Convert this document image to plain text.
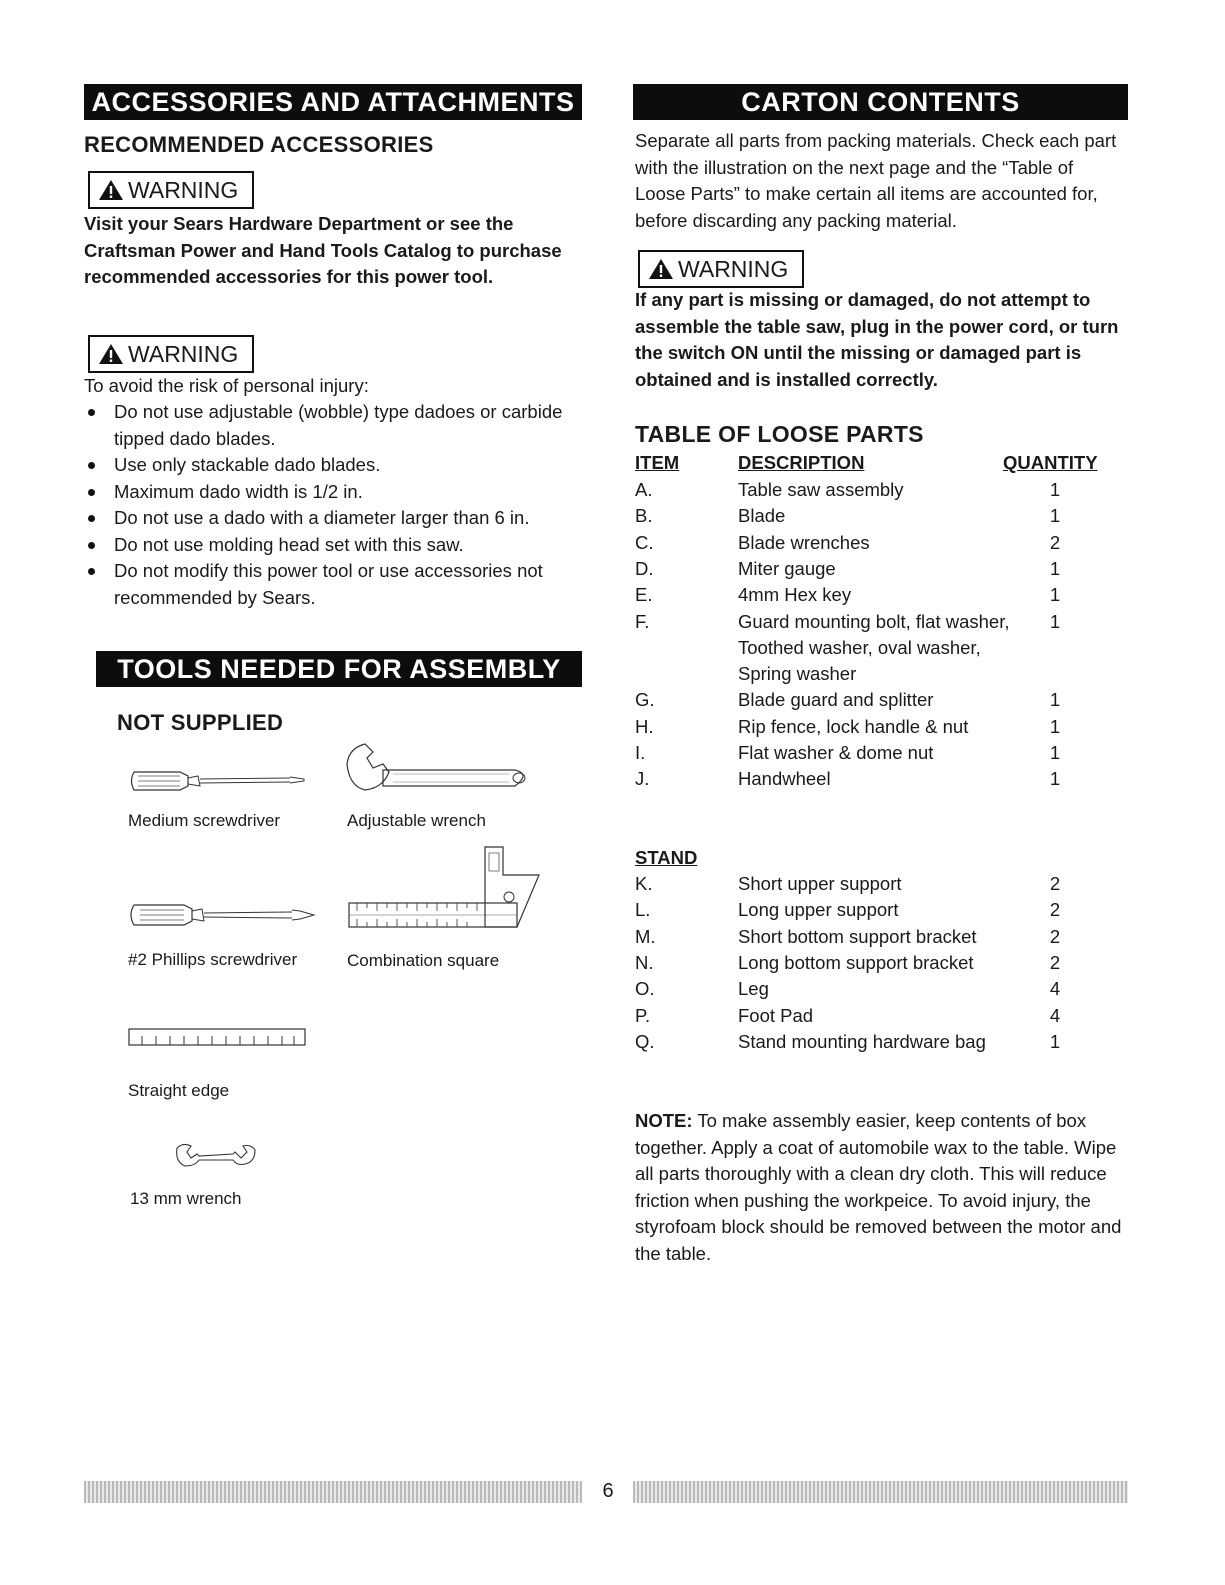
ACCESSORIES AND ATTACHMENTS
RECOMMENDED ACCESSORIES
WARNING
Visit your Sears Hardware Department or see the Craftsman Power and Hand Tools Catalog to purchase recommended accessories for this power tool.
WARNING
To avoid the risk of personal injury:
Do not use adjustable (wobble) type dadoes or carbide tipped dado blades.
Use only stackable dado blades.
Maximum dado width is 1/2 in.
Do not use a dado with a diameter larger than 6 in.
Do not use molding head set with this saw.
Do not modify this power tool or use accessories not recommended by Sears.
TOOLS NEEDED FOR ASSEMBLY
NOT SUPPLIED
Medium screwdriver	Adjustable wrench
#2 Phillips screwdriver	Combination square
Straight edge
13 mm wrench
CARTON CONTENTS
Separate all parts from packing materials. Check each part with the illustration on the next page and the “Table of Loose Parts” to make certain all items are accounted for, before discarding any packing material.
WARNING
If any part is missing or damaged, do not attempt to assemble the table saw, plug in the power cord, or turn the switch ON until the missing or damaged part is obtained and is installed correctly.
TABLE OF LOOSE PARTS
ITEM	DESCRIPTION	QUANTITY
A.	Table saw assembly	1
B.	Blade	1
C.	Blade wrenches	2
D.	Miter gauge	1
E.	4mm Hex key	1
F.	Guard mounting bolt, flat washer,	1
Toothed washer, oval washer,
Spring washer
G.	Blade guard and splitter	1
H.	Rip fence, lock handle & nut	1
I.	Flat washer & dome nut	1
J.	Handwheel	1
STAND
K.	Short upper support	2
L.	Long upper support	2
M.	Short bottom support bracket	2
N.	Long bottom support bracket	2
O.	Leg	4
P.	Foot Pad	4
Q.	Stand mounting hardware bag	1
NOTE: To make assembly easier, keep contents of box together. Apply a coat of automobile wax to the table. Wipe all parts thoroughly with a clean dry cloth. This will reduce friction when pushing the workpeice. To avoid injury, the styrofoam block should be removed between the motor and the table.
6
